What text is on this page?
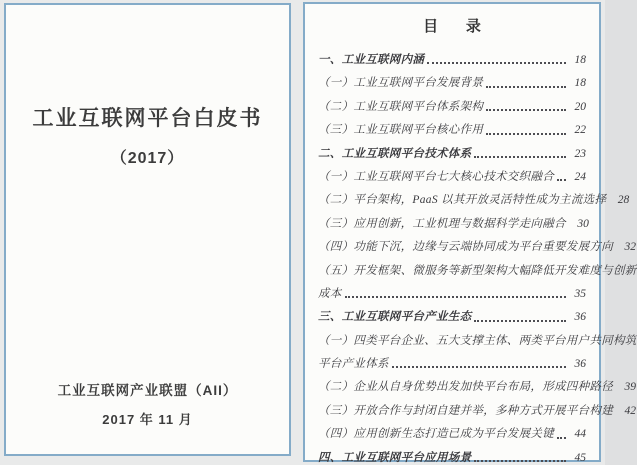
工业互联网平台白皮书
（2017）
工业互联网产业联盟（AII）
2017 年 11 月
目 录
一、工业互联网内涵	18
（一）工业互联网平台发展背景	18
（二）工业互联网平台体系架构	20
（三）工业互联网平台核心作用	22
二、工业互联网平台技术体系	23
（一）工业互联网平台七大核心技术交织融合	24
（二）平台架构，PaaS 以其开放灵活特性成为主流选择	28
（三）应用创新，工业机理与数据科学走向融合	30
（四）功能下沉，边缘与云端协同成为平台重要发展方向	32
（五）开发框架、微服务等新型架构大幅降低开发难度与创新
成本	35
三、工业互联网平台产业生态	36
（一）四类平台企业、五大支撑主体、两类平台用户共同构筑
平台产业体系	36
（二）企业从自身优势出发加快平台布局，形成四种路径	39
（三）开放合作与封闭自建并举，多种方式开展平台构建	42
（四）应用创新生态打造已成为平台发展关键	44
四、工业互联网平台应用场景	45
